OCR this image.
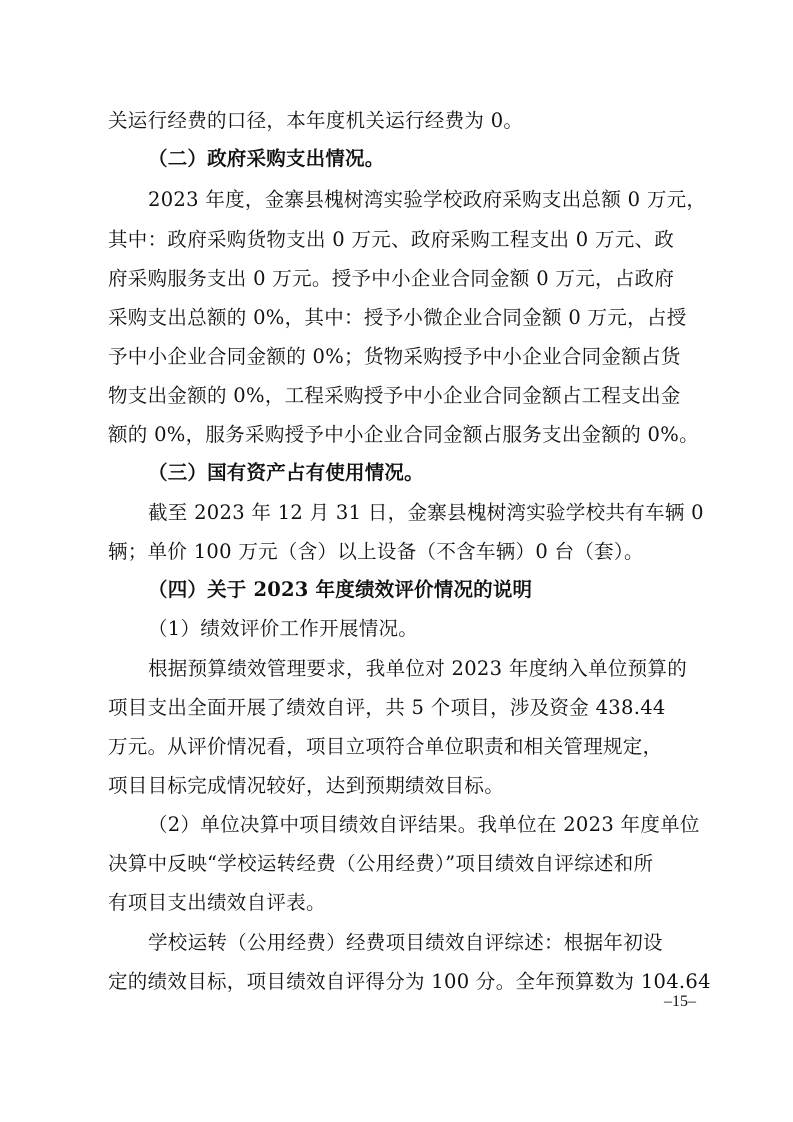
关运行经费的口径，本年度机关运行经费为 0。
（二）政府采购支出情况。
2023 年度，金寨县槐树湾实验学校政府采购支出总额 0 万元，
其中：政府采购货物支出 0 万元、政府采购工程支出 0 万元、政
府采购服务支出 0 万元。授予中小企业合同金额 0 万元，占政府
采购支出总额的 0%，其中：授予小微企业合同金额 0 万元，占授
予中小企业合同金额的 0%；货物采购授予中小企业合同金额占货
物支出金额的 0%，工程采购授予中小企业合同金额占工程支出金
额的 0%，服务采购授予中小企业合同金额占服务支出金额的 0%。
（三）国有资产占有使用情况。
截至 2023 年 12 月 31 日，金寨县槐树湾实验学校共有车辆 0
辆；单价 100 万元（含）以上设备（不含车辆）0 台（套）。
（四）关于 2023 年度绩效评价情况的说明
（1）绩效评价工作开展情况。
根据预算绩效管理要求，我单位对 2023 年度纳入单位预算的
项目支出全面开展了绩效自评，共 5 个项目，涉及资金 438.44
万元。从评价情况看，项目立项符合单位职责和相关管理规定，
项目目标完成情况较好，达到预期绩效目标。
（2）单位决算中项目绩效自评结果。我单位在 2023 年度单位
决算中反映“学校运转经费（公用经费）”项目绩效自评综述和所
有项目支出绩效自评表。
学校运转（公用经费）经费项目绩效自评综述：根据年初设
定的绩效目标，项目绩效自评得分为 100 分。全年预算数为 104.64
–15–
